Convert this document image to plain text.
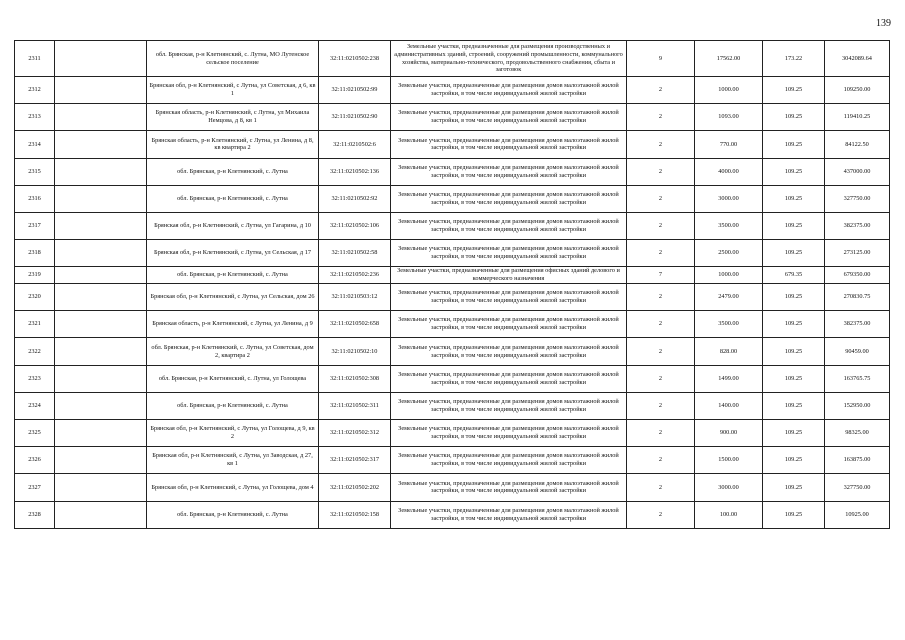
139
2311		обл. Брянская, р-н Клетнянский, с. Лутна, МО Лутенское сельское поселение	32:11:0210502:238	Земельные участки, предназначенные для размещения производственных и административных зданий, строений, сооружений промышленности, коммунального хозяйства, материально-технического, продовольственного снабжения, сбыта и заготовок	9	17562.00	173.22	3042089.64
2312		Брянская обл, р-н Клетнянский, с Лутна, ул Советская, д 6, кв 1	32:11:0210502:99	Земельные участки, предназначенные для размещения домов малоэтажной жилой застройки, в том числе индивидуальной жилой застройки	2	1000.00	109.25	109250.00
2313		Брянская область, р-н Клетнянский, с Лутна, ул Михаила Немцова, д 8, кв 1	32:11:0210502:90	Земельные участки, предназначенные для размещения домов малоэтажной жилой застройки, в том числе индивидуальной жилой застройки	2	1093.00	109.25	119410.25
2314		Брянская область, р-н Клетнянский, с Лутна, ул Ленина, д 8, кв квартира 2	32:11:0210502:6	Земельные участки, предназначенные для размещения домов малоэтажной жилой застройки, в том числе индивидуальной жилой застройки	2	770.00	109.25	84122.50
2315		обл. Брянская, р-н Клетнянский, с. Лутна	32:11:0210502:136	Земельные участки, предназначенные для размещения домов малоэтажной жилой застройки, в том числе индивидуальной жилой застройки	2	4000.00	109.25	437000.00
2316		обл. Брянская, р-н Клетнянский, с. Лутна	32:11:0210502:92	Земельные участки, предназначенные для размещения домов малоэтажной жилой застройки, в том числе индивидуальной жилой застройки	2	3000.00	109.25	327750.00
2317		Брянская обл, р-н Клетнянский, с Лутна, ул Гагарина, д 10	32:11:0210502:106	Земельные участки, предназначенные для размещения домов малоэтажной жилой застройки, в том числе индивидуальной жилой застройки	2	3500.00	109.25	382375.00
2318		Брянская обл, р-н Клетнянский, с Лутна, ул Сельская, д 17	32:11:0210502:58	Земельные участки, предназначенные для размещения домов малоэтажной жилой застройки, в том числе индивидуальной жилой застройки	2	2500.00	109.25	273125.00
2319		обл. Брянская, р-н Клетнянский, с. Лутна	32:11:0210502:236	Земельные участки, предназначенные для размещения офисных зданий делового и коммерческого назначения	7	1000.00	679.35	679350.00
2320		Брянская обл, р-н Клетнянский, с Лутна, ул Сельская, дом 26	32:11:0210503:12	Земельные участки, предназначенные для размещения домов малоэтажной жилой застройки, в том числе индивидуальной жилой застройки	2	2479.00	109.25	270830.75
2321		Брянская область, р-н Клетнянский, с Лутна, ул Ленина, д 9	32:11:0210502:658	Земельные участки, предназначенные для размещения домов малоэтажной жилой застройки, в том числе индивидуальной жилой застройки	2	3500.00	109.25	382375.00
2322		обл. Брянская, р-н Клетнянский, с. Лутна, ул Советская, дом 2, квартира 2	32:11:0210502:10	Земельные участки, предназначенные для размещения домов малоэтажной жилой застройки, в том числе индивидуальной жилой застройки	2	828.00	109.25	90459.00
2323		обл. Брянская, р-н Клетнянский, с. Лутна, ул Голощева	32:11:0210502:308	Земельные участки, предназначенные для размещения домов малоэтажной жилой застройки, в том числе индивидуальной жилой застройки	2	1499.00	109.25	163765.75
2324		обл. Брянская, р-н Клетнянский, с. Лутна	32:11:0210502:311	Земельные участки, предназначенные для размещения домов малоэтажной жилой застройки, в том числе индивидуальной жилой застройки	2	1400.00	109.25	152950.00
2325		Брянская обл, р-н Клетнянский, с Лутна, ул Голощева, д 9, кв 2	32:11:0210502:312	Земельные участки, предназначенные для размещения домов малоэтажной жилой застройки, в том числе индивидуальной жилой застройки	2	900.00	109.25	98325.00
2326		Брянская обл, р-н Клетнянский, с Лутна, ул Заводская, д 27, кв 1	32:11:0210502:317	Земельные участки, предназначенные для размещения домов малоэтажной жилой застройки, в том числе индивидуальной жилой застройки	2	1500.00	109.25	163875.00
2327		Брянская обл, р-н Клетнянский, с Лутна, ул Голощева, дом 4	32:11:0210502:202	Земельные участки, предназначенные для размещения домов малоэтажной жилой застройки, в том числе индивидуальной жилой застройки	2	3000.00	109.25	327750.00
2328		обл. Брянская, р-н Клетнянский, с. Лутна	32:11:0210502:158	Земельные участки, предназначенные для размещения домов малоэтажной жилой застройки, в том числе индивидуальной жилой застройки	2	100.00	109.25	10925.00
